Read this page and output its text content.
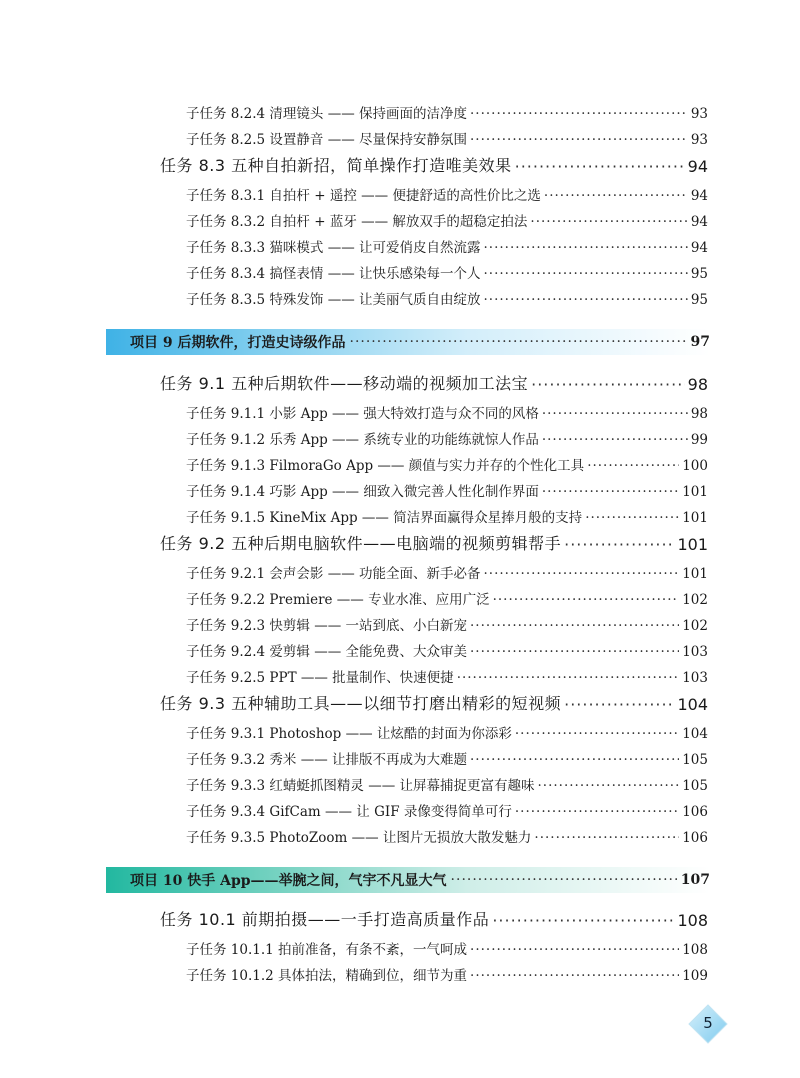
子任务 8.2.4 清理镜头 —— 保持画面的洁净度 ·····	93
子任务 8.2.5 设置静音 —— 尽量保持安静氛围 ·····	93
任务 8.3 五种自拍新招，简单操作打造唯美效果 ·····	94
子任务 8.3.1 自拍杆 + 遥控 —— 便捷舒适的高性价比之选 ·····	94
子任务 8.3.2 自拍杆 + 蓝牙 —— 解放双手的超稳定拍法 ·····	94
子任务 8.3.3 猫咪模式 —— 让可爱俏皮自然流露 ·····	94
子任务 8.3.4 搞怪表情 —— 让快乐感染每一个人 ·····	95
子任务 8.3.5 特殊发饰 —— 让美丽气质自由绽放 ·····	95
项目 9 后期软件，打造史诗级作品 ·····	97
任务 9.1 五种后期软件——移动端的视频加工法宝 ·····	98
子任务 9.1.1 小影 App —— 强大特效打造与众不同的风格 ·····	98
子任务 9.1.2 乐秀 App —— 系统专业的功能练就惊人作品 ·····	99
子任务 9.1.3 FilmoraGo App —— 颜值与实力并存的个性化工具 ·····	100
子任务 9.1.4 巧影 App —— 细致入微完善人性化制作界面 ·····	101
子任务 9.1.5 KineMix App —— 简洁界面赢得众星捧月般的支持 ·····	101
任务 9.2 五种后期电脑软件——电脑端的视频剪辑帮手 ·····	101
子任务 9.2.1 会声会影 —— 功能全面、新手必备 ·····	101
子任务 9.2.2 Premiere —— 专业水准、应用广泛 ·····	102
子任务 9.2.3 快剪辑 —— 一站到底、小白新宠 ·····	102
子任务 9.2.4 爱剪辑 —— 全能免费、大众审美 ·····	103
子任务 9.2.5 PPT —— 批量制作、快速便捷 ·····	103
任务 9.3 五种辅助工具——以细节打磨出精彩的短视频 ·····	104
子任务 9.3.1 Photoshop —— 让炫酷的封面为你添彩 ·····	104
子任务 9.3.2 秀米 —— 让排版不再成为大难题 ·····	105
子任务 9.3.3 红蜻蜓抓图精灵 —— 让屏幕捕捉更富有趣味 ·····	105
子任务 9.3.4 GifCam —— 让 GIF 录像变得简单可行 ·····	106
子任务 9.3.5 PhotoZoom —— 让图片无损放大散发魅力 ·····	106
项目 10 快手 App——举腕之间，气宇不凡显大气 ·····	107
任务 10.1 前期拍摄——一手打造高质量作品 ·····	108
子任务 10.1.1 拍前准备，有条不紊，一气呵成 ·····	108
子任务 10.1.2 具体拍法，精确到位，细节为重 ·····	109
5
